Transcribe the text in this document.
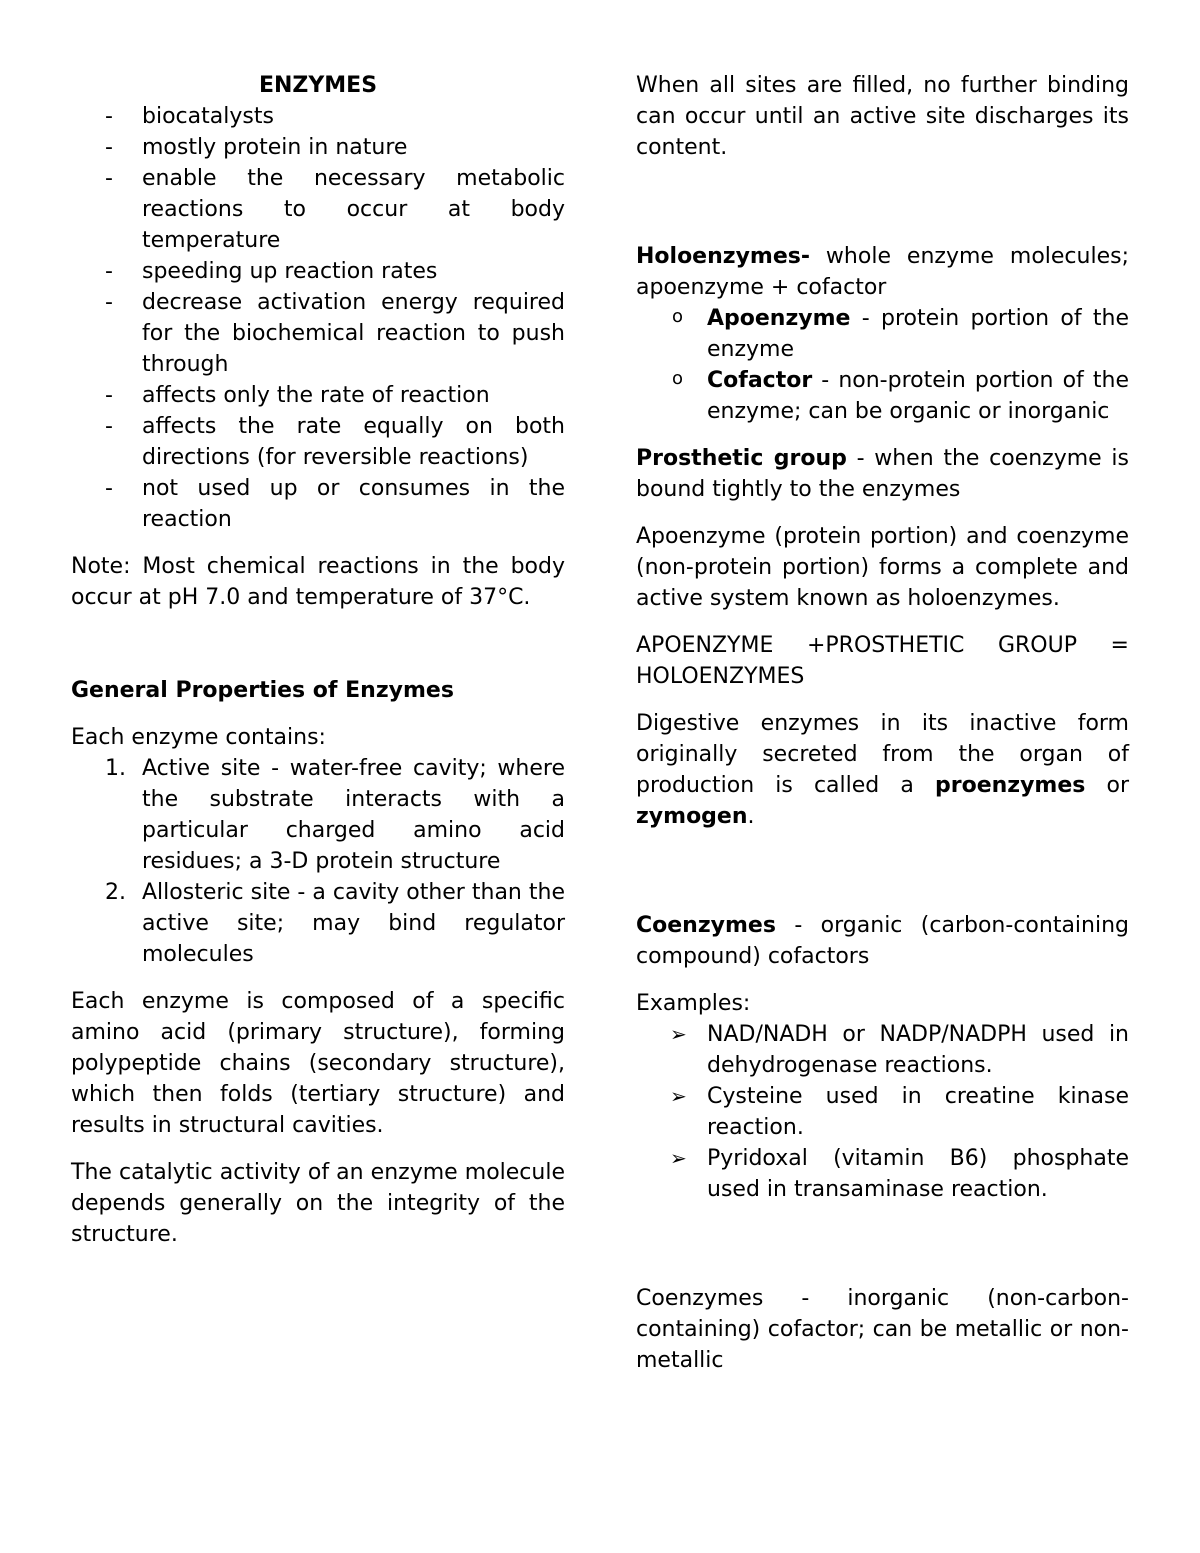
ENZYMES

- biocatalysts
- mostly protein in nature
- enable the necessary metabolic reactions to occur at body temperature
- speeding up reaction rates
- decrease activation energy required for the biochemical reaction to push through
- affects only the rate of reaction
- affects the rate equally on both directions (for reversible reactions)
- not used up or consumes in the reaction

Note: Most chemical reactions in the body occur at pH 7.0 and temperature of 37°C.

General Properties of Enzymes

Each enzyme contains:

1. Active site - water-free cavity; where the substrate interacts with a particular charged amino acid residues; a 3-D protein structure
2. Allosteric site - a cavity other than the active site; may bind regulator molecules

Each enzyme is composed of a specific amino acid (primary structure), forming polypeptide chains (secondary structure), which then folds (tertiary structure) and results in structural cavities.

The catalytic activity of an enzyme molecule depends generally on the integrity of the structure.

When all sites are filled, no further binding can occur until an active site discharges its content.

Holoenzymes- whole enzyme molecules; apoenzyme + cofactor

o Apoenzyme - protein portion of the enzyme
o Cofactor - non-protein portion of the enzyme; can be organic or inorganic

Prosthetic group - when the coenzyme is bound tightly to the enzymes

Apoenzyme (protein portion) and coenzyme (non-protein portion) forms a complete and active system known as holoenzymes.

APOENZYME +PROSTHETIC GROUP = HOLOENZYMES

Digestive enzymes in its inactive form originally secreted from the organ of production is called a proenzymes or zymogen.

Coenzymes - organic (carbon-containing compound) cofactors

Examples:

➢ NAD/NADH or NADP/NADPH used in dehydrogenase reactions.
➢ Cysteine used in creatine kinase reaction.
➢ Pyridoxal (vitamin B6) phosphate used in transaminase reaction.

Coenzymes - inorganic (non-carbon-containing) cofactor; can be metallic or non-metallic
